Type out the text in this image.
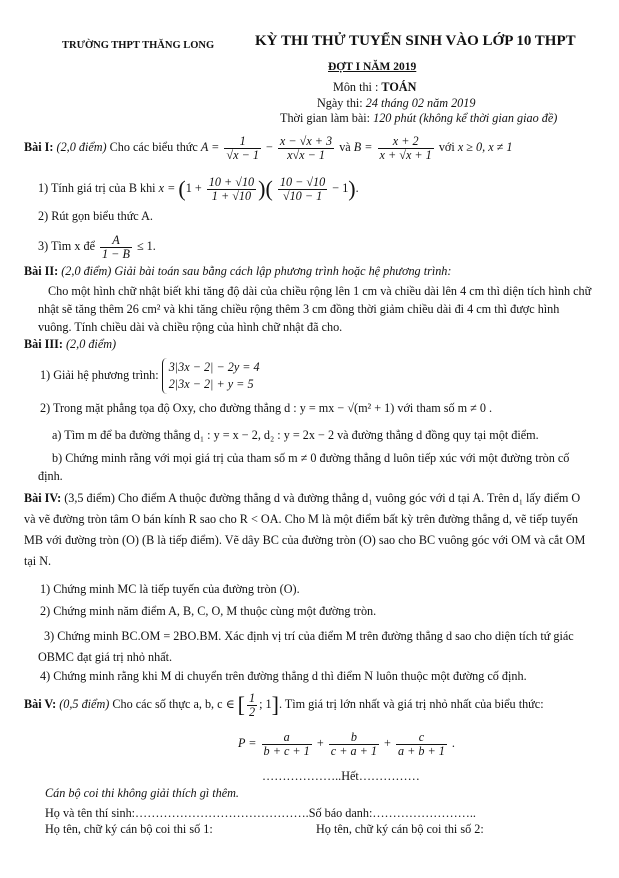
TRƯỜNG THPT THĂNG LONG	KỲ THI THỬ TUYỂN SINH VÀO LỚP 10 THPT
ĐỢT I NĂM 2019
Môn thi : TOÁN
Ngày thi: 24 tháng 02 năm 2019
Thời gian làm bài: 120 phút (không kể thời gian giao đề)
Bài I: (2,0 điểm) Cho các biểu thức $A = \frac{1}{√x - 1} - \frac{x - √x + 3}{x√x - 1}$ và $B = \frac{x + 2}{x + √x + 1}$ với x ≥ 0, x ≠ 1
1) Tính giá trị của B khi $x = (1 + \frac{10 + √10}{1 + √10}$ )( $\frac{10 - √10}{√10 - 1} - 1$).
2) Rút gọn biểu thức A.
3) Tìm x để $\frac{A}{1 - B} \le 1$.
Bài II: (2,0 điểm) Giải bài toán sau bằng cách lập phương trình hoặc hệ phương trình:
Cho một hình chữ nhật biết khi tăng độ dài của chiều rộng lên 1 cm và chiều dài lên 4 cm thì diện tích hình chữ nhật sẽ tăng thêm 26 cm² và khi tăng chiều rộng thêm 3 cm đồng thời giảm chiều dài đi 4 cm thì được hình vuông. Tính chiều dài và chiều rộng của hình chữ nhật đã cho.
Bài III: (2,0 điểm)
1) Giải hệ phương trình:
3|3x − 2| − 2y = 4
2|3x − 2| + y = 5
2) Trong mặt phẳng tọa độ Oxy, cho đường thẳng d : y = mx − √(m² + 1) với tham số m ≠ 0 .
a) Tìm m để ba đường thẳng d₁ : y = x − 2, d₂ : y = 2x − 2 và đường thẳng d đồng quy tại một điểm.
b) Chứng minh rằng với mọi giá trị của tham số m ≠ 0 đường thẳng d luôn tiếp xúc với một đường tròn cố định.
Bài IV: (3,5 điểm) Cho điểm A thuộc đường thẳng d và đường thẳng d₁ vuông góc với d tại A. Trên d₁ lấy điểm O và vẽ đường tròn tâm O bán kính R sao cho R < OA. Cho M là một điểm bất kỳ trên đường thẳng d, vẽ tiếp tuyến MB với đường tròn (O) (B là tiếp điểm). Vẽ dây BC của đường tròn (O) sao cho BC vuông góc với OM và cắt OM tại N.
1) Chứng minh MC là tiếp tuyến của đường tròn (O).
2) Chứng minh năm điểm A, B, C, O, M thuộc cùng một đường tròn.
3) Chứng minh BC.OM = 2BO.BM. Xác định vị trí của điểm M trên đường thẳng d sao cho diện tích tứ giác OBMC đạt giá trị nhỏ nhất.
4) Chứng minh rằng khi M di chuyển trên đường thẳng d thì điểm N luôn thuộc một đường cố định.
Bài V: (0,5 điểm) Cho các số thực a, b, c ∈ [ $\frac{1}{2}$ ; 1]. Tìm giá trị lớn nhất và giá trị nhỏ nhất của biểu thức:
$P = \frac{a}{b + c + 1} + \frac{b}{c + a + 1} + \frac{c}{a + b + 1}$ .
………………..Hết……………
Cán bộ coi thi không giải thích gì thêm.
Họ và tên thí sinh:…………………………………….Số báo danh:……………………..
Họ tên, chữ ký cán bộ coi thi số 1:	Họ tên, chữ ký cán bộ coi thi số 2:
